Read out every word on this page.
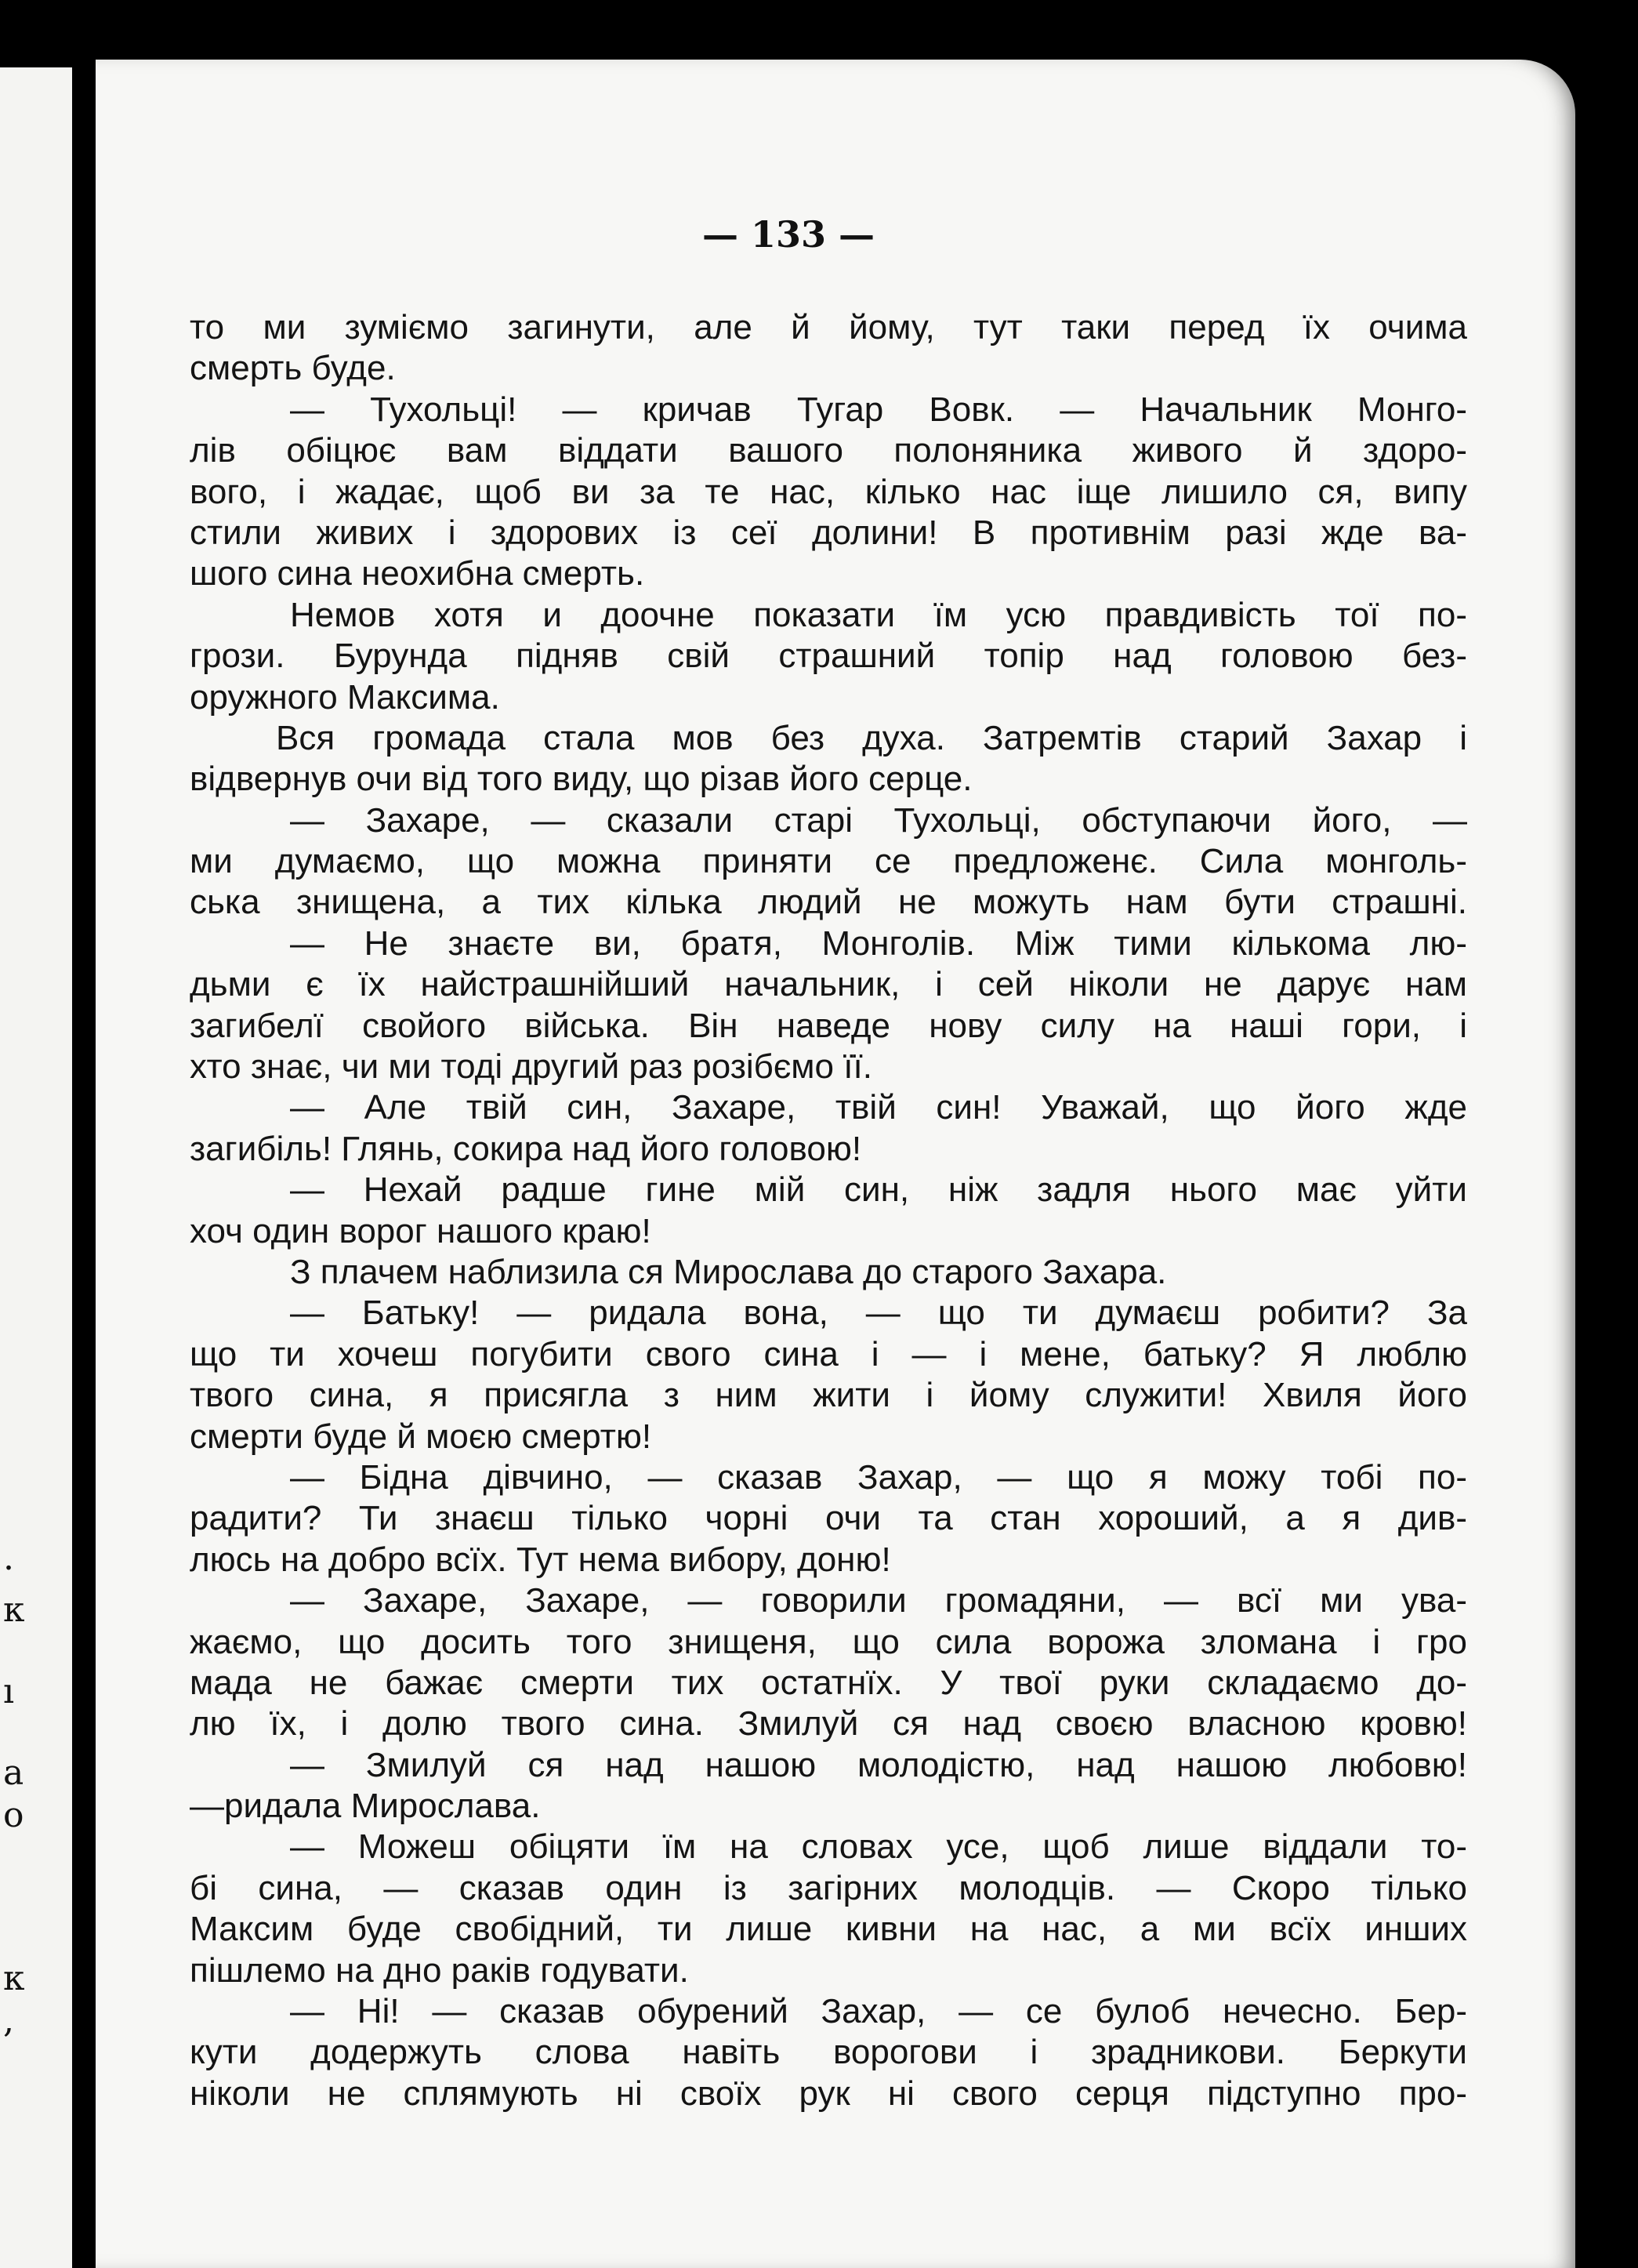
.
κ
ı
a
o
κ
,
— 133 —
то ми зуміємо загинути, але й йому, тут таки перед їх очима
смерть буде.
— Тухольці! — кричав Тугар Вовк. — Начальник Монго-
лів обіцює вам віддати вашого полоняника живого й здоро-
вого, і жадає, щоб ви за те нас, кілько нас іще лишило ся, випу
стили живих і здорових із сеї долини! В противнім разі жде ва-
шого сина неохибна смерть.
Немов хотя и доочне показати їм усю правдивість тої по-
грози. Бурунда підняв свій страшний топір над головою без-
оружного Максима.
Вся громада стала мов без духа. Затремтів старий Захар і
відвернув очи від того виду, що різав його серце.
— Захаре, — сказали старі Тухольці, обступаючи його, —
ми думаємо, що можна приняти се предложенє. Сила монголь-
ська знищена, а тих кілька людий не можуть нам бути страшні.
— Не знаєте ви, братя, Монголів. Між тими кількома лю-
дьми є їх найстрашнійший начальник, і сей ніколи не дарує нам
загибелї свойого війська. Він наведе нову силу на наші гори, і
хто знає, чи ми тоді другий раз розібємо її.
— Але твій син, Захаре, твій син! Уважай, що його жде
загибіль! Глянь, сокира над його головою!
— Нехай радше гине мій син, ніж задля нього має уйти
хоч один ворог нашого краю!
З плачем наблизила ся Мирослава до старого Захара.
— Батьку! — ридала вона, — що ти думаєш робити? За
що ти хочеш погубити свого сина і — і мене, батьку? Я люблю
твого сина, я присягла з ним жити і йому служити! Хвиля його
смерти буде й моєю смертю!
— Бідна дівчино, — сказав Захар, — що я можу тобі по-
радити? Ти знаєш тілько чорні очи та стан хороший, а я див-
люсь на добро всїх. Тут нема вибору, доню!
— Захаре, Захаре, — говорили громадяни, — всї ми ува-
жаємо, що досить того знищеня, що сила ворожа зломана і гро
мада не бажає смерти тих остатнїх. У твої руки складаємо до-
лю їх, і долю твого сина. Змилуй ся над своєю власною кровю!
— Змилуй ся над нашою молодістю, над нашою любовю!
—ридала Мирослава.
— Можеш обіцяти їм на словах усе, щоб лише віддали то-
бі сина, — сказав один із загірних молодців. — Скоро тілько
Максим буде свобідний, ти лише кивни на нас, а ми всїх инших
пішлемо на дно раків годувати.
— Ні! — сказав обурений Захар, — се булоб нечесно. Бер-
кути додержуть слова навіть ворогови і зрадникови. Беркути
ніколи не сплямують ні своїх рук ні свого серця підступно про-
